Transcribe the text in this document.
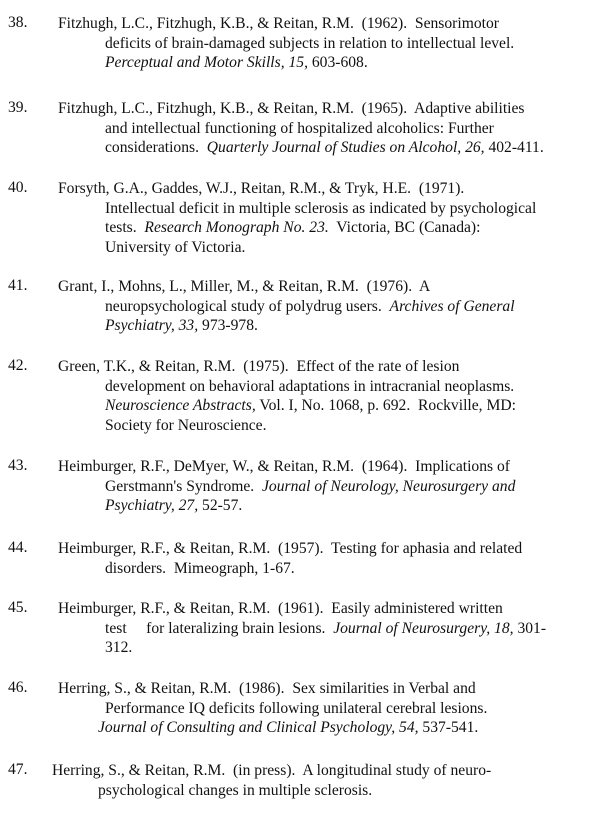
38. Fitzhugh, L.C., Fitzhugh, K.B., & Reitan, R.M.  (1962).  Sensorimotor
deficits of brain-damaged subjects in relation to intellectual level.
Perceptual and Motor Skills, 15, 603-608.
39. Fitzhugh, L.C., Fitzhugh, K.B., & Reitan, R.M.  (1965).  Adaptive abilities
and intellectual functioning of hospitalized alcoholics: Further
considerations.  Quarterly Journal of Studies on Alcohol, 26, 402-411.
40. Forsyth, G.A., Gaddes, W.J., Reitan, R.M., & Tryk, H.E.  (1971).
Intellectual deficit in multiple sclerosis as indicated by psychological
tests.  Research Monograph No. 23.  Victoria, BC (Canada):
University of Victoria.
41. Grant, I., Mohns, L., Miller, M., & Reitan, R.M.  (1976).  A
neuropsychological study of polydrug users.  Archives of General
Psychiatry, 33, 973-978.
42. Green, T.K., & Reitan, R.M.  (1975).  Effect of the rate of lesion
development on behavioral adaptations in intracranial neoplasms.
Neuroscience Abstracts, Vol. I, No. 1068, p. 692.  Rockville, MD:
Society for Neuroscience.
43. Heimburger, R.F., DeMyer, W., & Reitan, R.M.  (1964).  Implications of
Gerstmann's Syndrome.  Journal of Neurology, Neurosurgery and
Psychiatry, 27, 52-57.
44. Heimburger, R.F., & Reitan, R.M.  (1957).  Testing for aphasia and related
disorders.  Mimeograph, 1-67.
45. Heimburger, R.F., & Reitan, R.M.  (1961).  Easily administered written
test     for lateralizing brain lesions.  Journal of Neurosurgery, 18, 301-
312.
46. Herring, S., & Reitan, R.M.  (1986).  Sex similarities in Verbal and
Performance IQ deficits following unilateral cerebral lesions.
Journal of Consulting and Clinical Psychology, 54, 537-541.
47. Herring, S., & Reitan, R.M.  (in press).  A longitudinal study of neuro-
psychological changes in multiple sclerosis.
